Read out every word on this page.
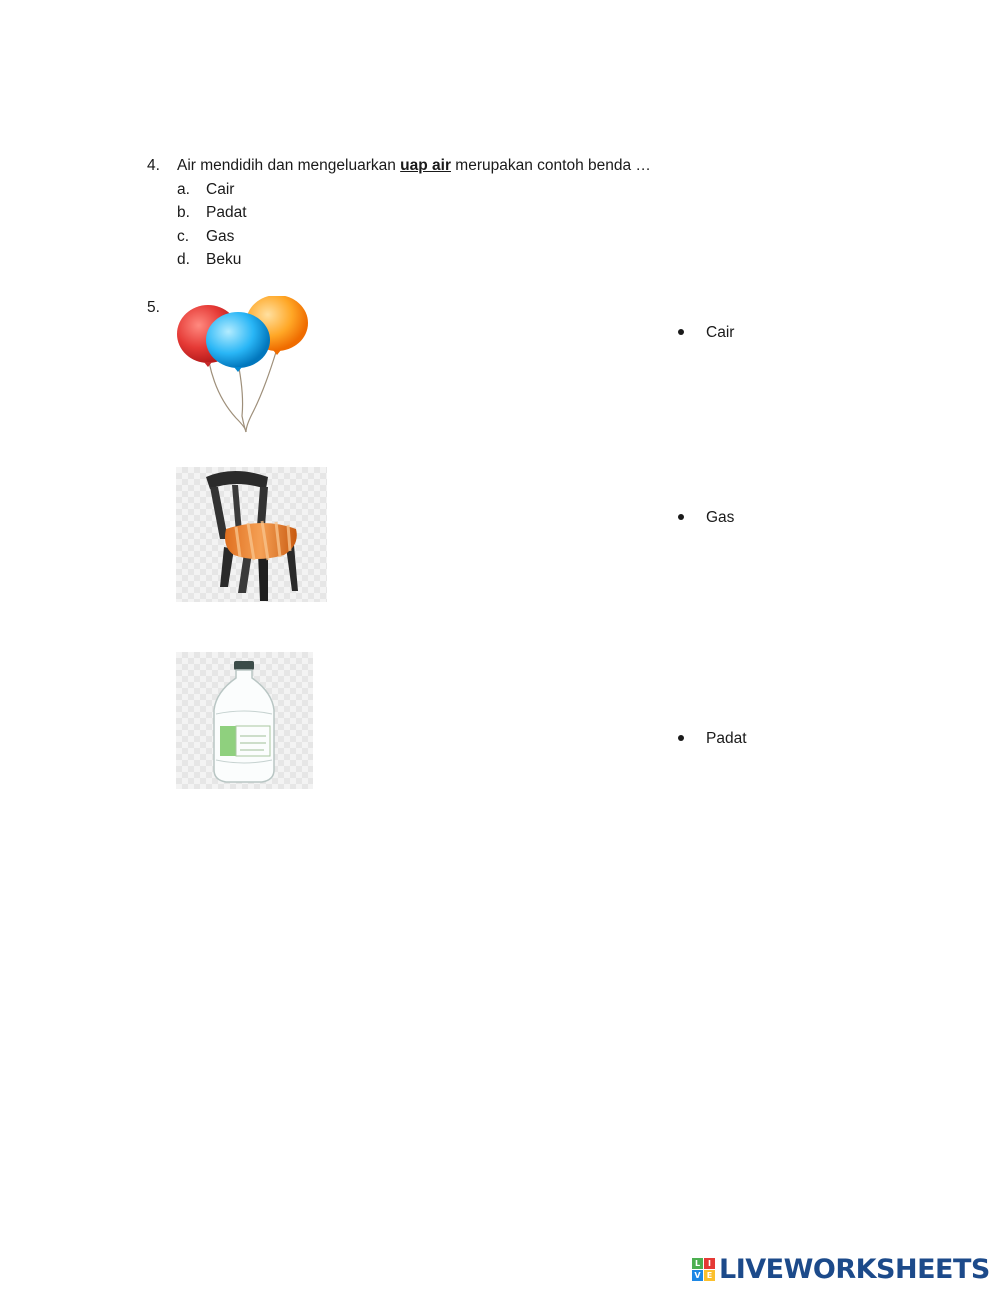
4. Air mendidih dan mengeluarkan uap air merupakan contoh benda …
a. Cair
b. Padat
c. Gas
d. Beku
5.
Cair
Gas
Padat
L I
V E LIVEWORKSHEETS
